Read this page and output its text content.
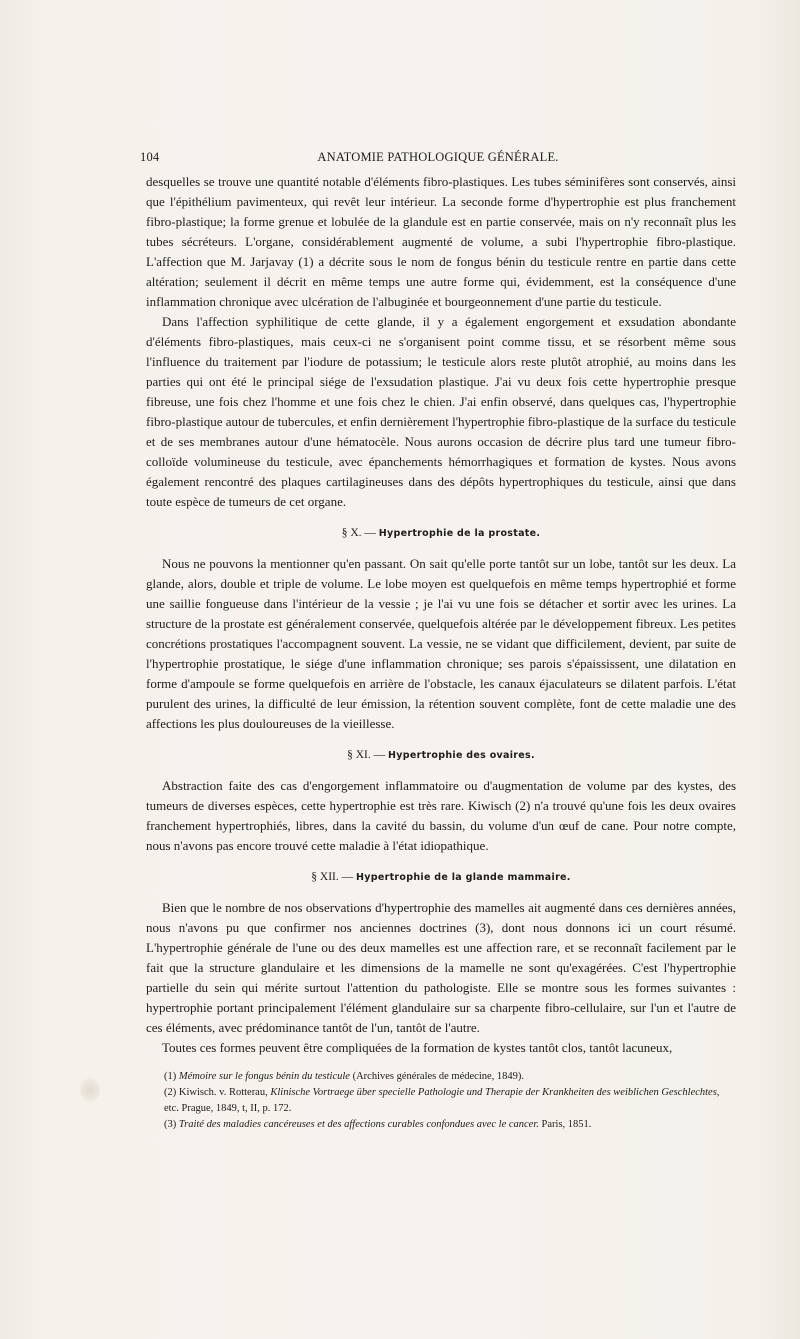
104	ANATOMIE PATHOLOGIQUE GÉNÉRALE.

desquelles se trouve une quantité notable d'éléments fibro-plastiques. Les tubes séminifères sont conservés, ainsi que l'épithélium pavimenteux, qui revêt leur intérieur. La seconde forme d'hypertrophie est plus franchement fibro-plastique; la forme grenue et lobulée de la glandule est en partie conservée, mais on n'y reconnaît plus les tubes sécréteurs. L'organe, considérablement augmenté de volume, a subi l'hypertrophie fibro-plastique. L'affection que M. Jarjavay (1) a décrite sous le nom de fongus bénin du testicule rentre en partie dans cette altération; seulement il décrit en même temps une autre forme qui, évidemment, est la conséquence d'une inflammation chronique avec ulcération de l'albuginée et bourgeonnement d'une partie du testicule.

Dans l'affection syphilitique de cette glande, il y a également engorgement et exsudation abondante d'éléments fibro-plastiques, mais ceux-ci ne s'organisent point comme tissu, et se résorbent même sous l'influence du traitement par l'iodure de potassium; le testicule alors reste plutôt atrophié, au moins dans les parties qui ont été le principal siége de l'exsudation plastique. J'ai vu deux fois cette hypertrophie presque fibreuse, une fois chez l'homme et une fois chez le chien. J'ai enfin observé, dans quelques cas, l'hypertrophie fibro-plastique autour de tubercules, et enfin dernièrement l'hypertrophie fibro-plastique de la surface du testicule et de ses membranes autour d'une hématocèle. Nous aurons occasion de décrire plus tard une tumeur fibro-colloïde volumineuse du testicule, avec épanchements hémorrhagiques et formation de kystes. Nous avons également rencontré des plaques cartilagineuses dans des dépôts hypertrophiques du testicule, ainsi que dans toute espèce de tumeurs de cet organe.

§ X. — Hypertrophie de la prostate.

Nous ne pouvons la mentionner qu'en passant. On sait qu'elle porte tantôt sur un lobe, tantôt sur les deux. La glande, alors, double et triple de volume. Le lobe moyen est quelquefois en même temps hypertrophié et forme une saillie fongueuse dans l'intérieur de la vessie ; je l'ai vu une fois se détacher et sortir avec les urines. La structure de la prostate est généralement conservée, quelquefois altérée par le développement fibreux. Les petites concrétions prostatiques l'accompagnent souvent. La vessie, ne se vidant que difficilement, devient, par suite de l'hypertrophie prostatique, le siége d'une inflammation chronique; ses parois s'épaississent, une dilatation en forme d'ampoule se forme quelquefois en arrière de l'obstacle, les canaux éjaculateurs se dilatent parfois. L'état purulent des urines, la difficulté de leur émission, la rétention souvent complète, font de cette maladie une des affections les plus douloureuses de la vieillesse.

§ XI. — Hypertrophie des ovaires.

Abstraction faite des cas d'engorgement inflammatoire ou d'augmentation de volume par des kystes, des tumeurs de diverses espèces, cette hypertrophie est très rare. Kiwisch (2) n'a trouvé qu'une fois les deux ovaires franchement hypertrophiés, libres, dans la cavité du bassin, du volume d'un œuf de cane. Pour notre compte, nous n'avons pas encore trouvé cette maladie à l'état idiopathique.

§ XII. — Hypertrophie de la glande mammaire.

Bien que le nombre de nos observations d'hypertrophie des mamelles ait augmenté dans ces dernières années, nous n'avons pu que confirmer nos anciennes doctrines (3), dont nous donnons ici un court résumé. L'hypertrophie générale de l'une ou des deux mamelles est une affection rare, et se reconnaît facilement par le fait que la structure glandulaire et les dimensions de la mamelle ne sont qu'exagérées. C'est l'hypertrophie partielle du sein qui mérite surtout l'attention du pathologiste. Elle se montre sous les formes suivantes : hypertrophie portant principalement l'élément glandulaire sur sa charpente fibro-cellulaire, sur l'un et l'autre de ces éléments, avec prédominance tantôt de l'un, tantôt de l'autre.

Toutes ces formes peuvent être compliquées de la formation de kystes tantôt clos, tantôt lacuneux,

(1) Mémoire sur le fongus bénin du testicule (Archives générales de médecine, 1849).
(2) Kiwisch. v. Rotterau, Klinische Vortraege über specielle Pathologie und Therapie der Krankheiten des weiblichen Geschlechtes, etc. Prague, 1849, t, II, p. 172.
(3) Traité des maladies cancéreuses et des affections curables confondues avec le cancer. Paris, 1851.
